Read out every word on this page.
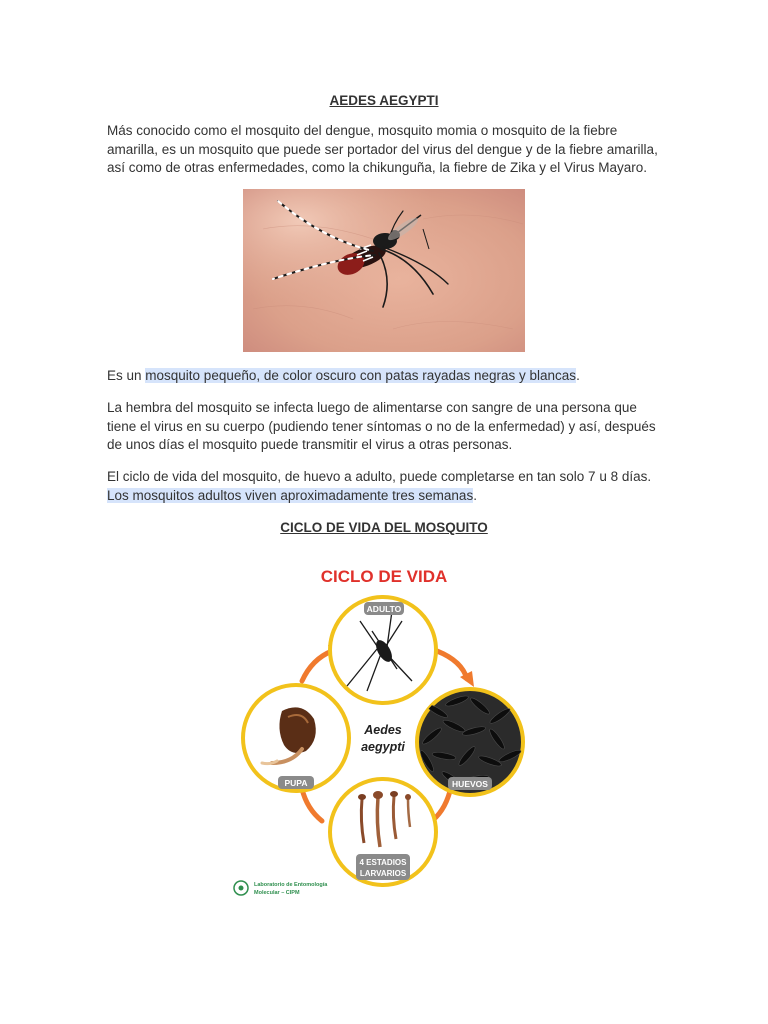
AEDES AEGYPTI
Más conocido como el mosquito del dengue, mosquito momia o mosquito de la fiebre amarilla, es un mosquito que puede ser portador del virus del dengue y de la fiebre amarilla, así como de otras enfermedades, como la chikunguña, la fiebre de Zika y el Virus Mayaro.
Es un mosquito pequeño, de color oscuro con patas rayadas negras y blancas.
La hembra del mosquito se infecta luego de alimentarse con sangre de una persona que tiene el virus en su cuerpo (pudiendo tener síntomas o no de la enfermedad) y así, después de unos días el mosquito puede transmitir el virus a otras personas.
El ciclo de vida del mosquito, de huevo a adulto, puede completarse en tan solo 7 u 8 días. Los mosquitos adultos viven aproximadamente tres semanas.
CICLO DE VIDA DEL MOSQUITO
CICLO DE VIDA
ADULTO
HUEVOS
4 ESTADIOS
LARVARIOS
PUPA
Aedes
aegypti
Laboratorio de Entomología
Molecular – CIPM
